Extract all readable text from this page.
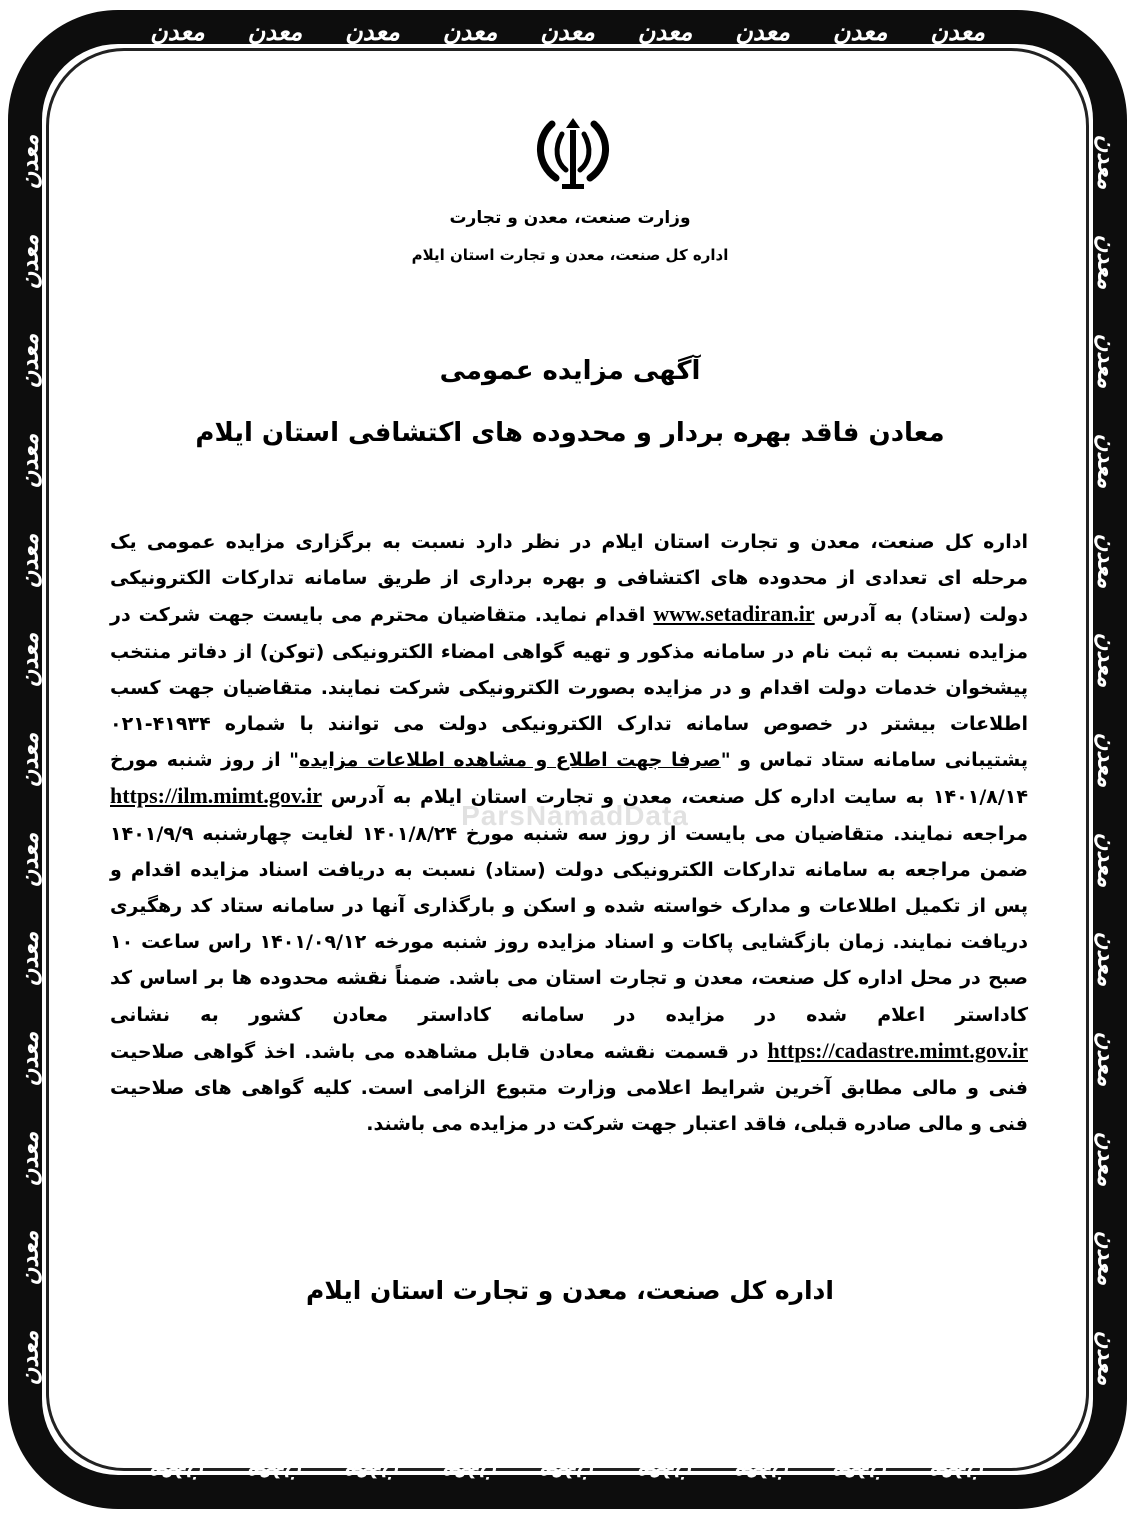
معدن
معدن
معدن
معدن
معدن
معدن
معدن
معدن
معدن
معدن
معدن
معدن
معدن
معدن
معدن
معدن
معدن
معدن
معدن
معدن
معدن
معدن
معدن
معدن
معدن
معدن
معدن
معدن
معدن
معدن
معدن
معدن
معدن
معدن
معدن
معدن
معدن
معدن
معدن
معدن
معدن
معدن
معدن
معدن
وزارت صنعت، معدن و تجارت
اداره کل صنعت، معدن و تجارت استان ایلام
آگهی مزایده عمومی
معادن فاقد بهره بردار و محدوده های اکتشافی استان ایلام
ParsNamadData
اداره کل صنعت، معدن و تجارت استان ایلام در نظر دارد نسبت به برگزاری مزایده عمومی یک مرحله ای تعدادی از محدوده های اکتشافی و بهره برداری از طریق سامانه تدارکات الکترونیکی دولت (ستاد) به آدرس www.setadiran.ir اقدام نماید. متقاضیان محترم می بایست جهت شرکت در مزایده نسبت به ثبت نام در سامانه مذکور و تهیه گواهی امضاء الکترونیکی (توکن) از دفاتر منتخب پیشخوان خدمات دولت اقدام و در مزایده بصورت الکترونیکی شرکت نمایند. متقاضیان جهت کسب اطلاعات بیشتر در خصوص سامانه تدارک الکترونیکی دولت می توانند با شماره ۴۱۹۳۴-۰۲۱ پشتیبانی سامانه ستاد تماس و "صرفا جهت اطلاع و مشاهده اطلاعات مزایده" از روز شنبه مورخ ۱۴۰۱/۸/۱۴ به سایت اداره کل صنعت، معدن و تجارت استان ایلام به آدرس https://ilm.mimt.gov.ir مراجعه نمایند. متقاضیان می بایست از روز سه شنبه مورخ ۱۴۰۱/۸/۲۴ لغایت چهارشنبه ۱۴۰۱/۹/۹ ضمن مراجعه به سامانه تدارکات الکترونیکی دولت (ستاد) نسبت به دریافت اسناد مزایده اقدام و پس از تکمیل اطلاعات و مدارک خواسته شده و اسکن و بارگذاری آنها در سامانه ستاد کد رهگیری دریافت نمایند. زمان بازگشایی پاکات و اسناد مزایده روز شنبه مورخه ۱۴۰۱/۰۹/۱۲ راس ساعت ۱۰ صبح در محل اداره کل صنعت، معدن و تجارت استان می باشد. ضمناً نقشه محدوده ها بر اساس کد کاداستر اعلام شده در مزایده در سامانه کاداستر معادن کشور به نشانی https://cadastre.mimt.gov.ir در قسمت نقشه معادن قابل مشاهده می باشد. اخذ گواهی صلاحیت فنی و مالی مطابق آخرین شرایط اعلامی وزارت متبوع الزامی است. کلیه گواهی های صلاحیت فنی و مالی صادره قبلی، فاقد اعتبار جهت شرکت در مزایده می باشند.
اداره کل صنعت، معدن و تجارت استان ایلام
